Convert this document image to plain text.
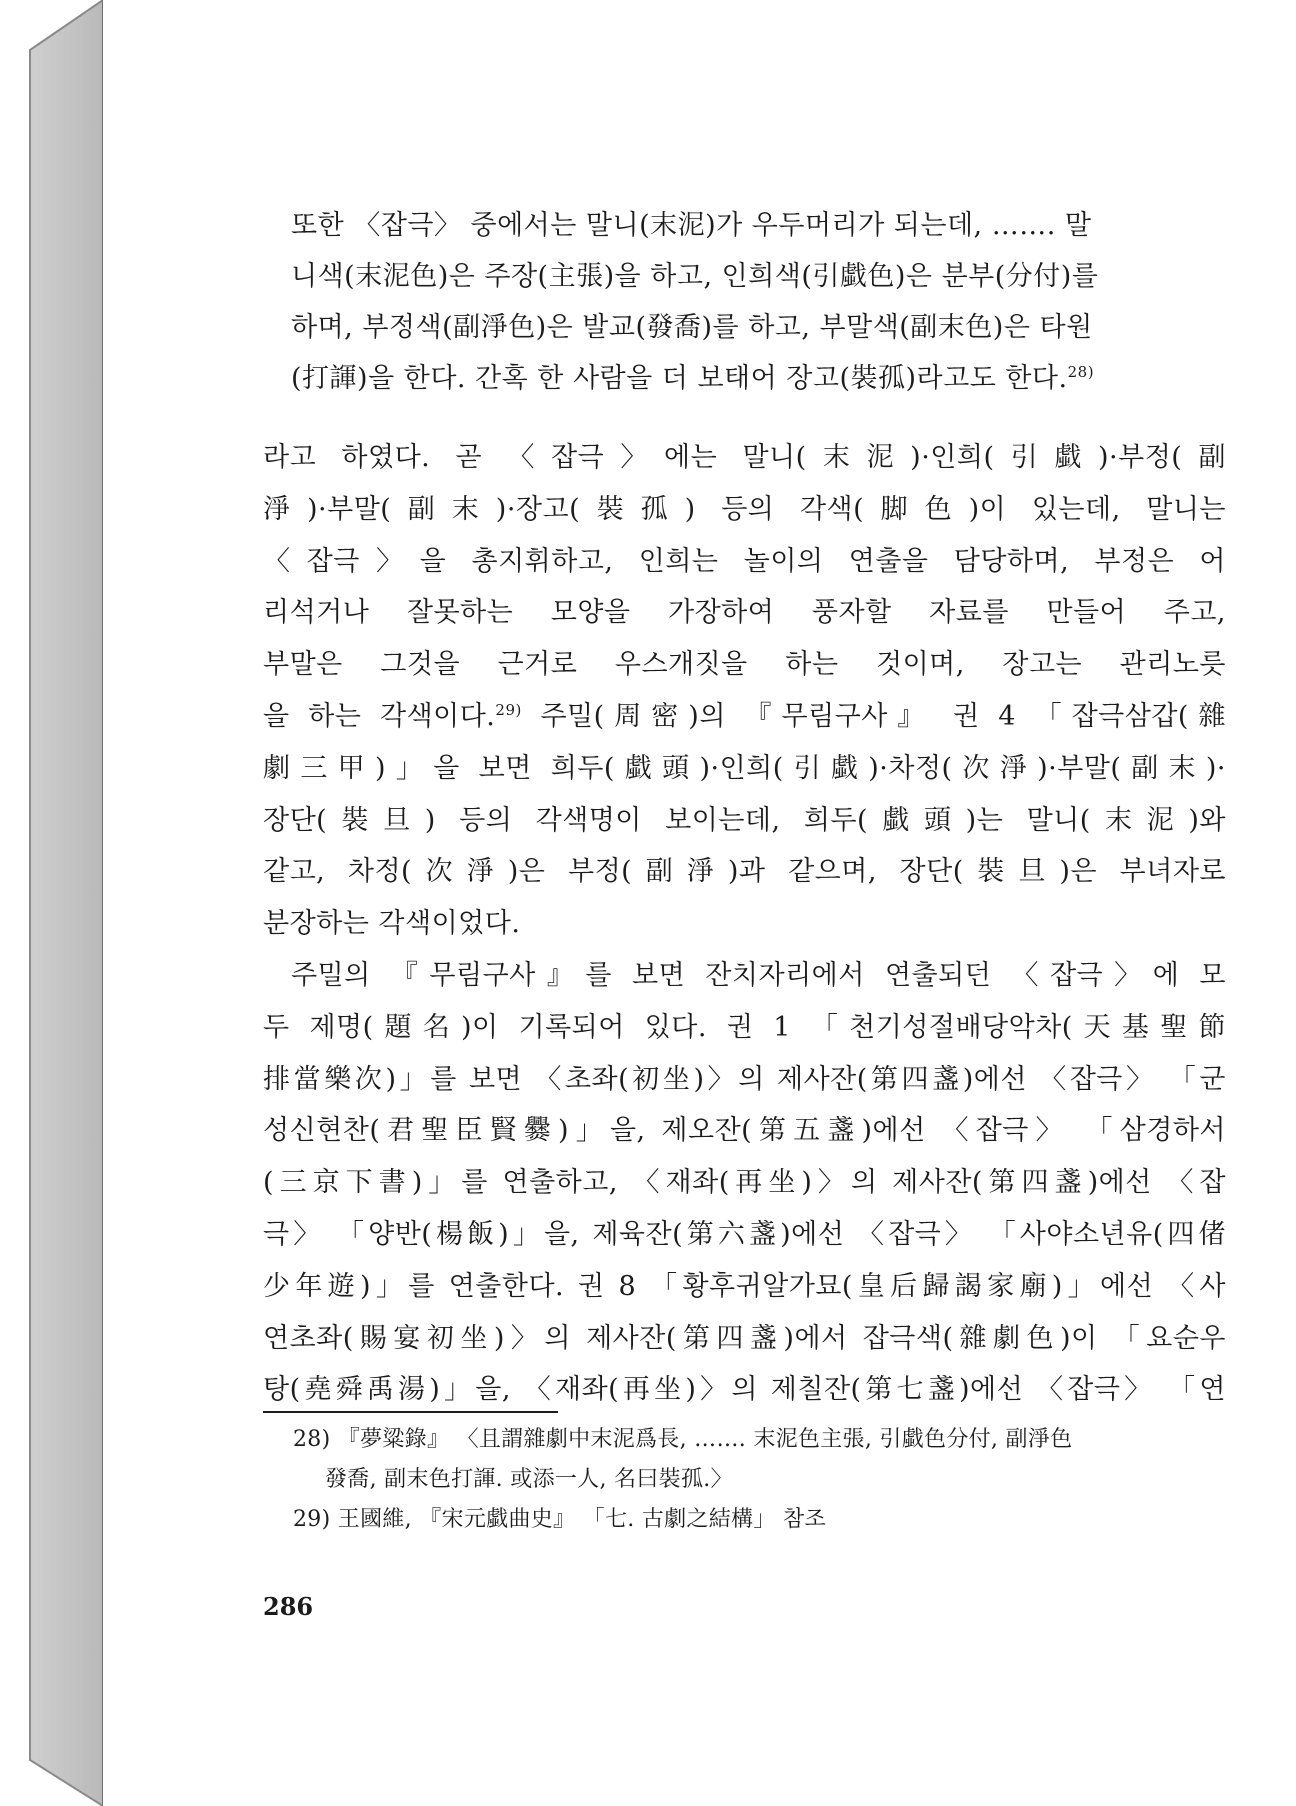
또한 〈잡극〉 중에서는 말니(末泥)가 우두머리가 되는데, ……. 말
니색(末泥色)은 주장(主張)을 하고, 인희색(引戱色)은 분부(分付)를
하며, 부정색(副淨色)은 발교(發喬)를 하고, 부말색(副末色)은 타원
(打諢)을 한다. 간혹 한 사람을 더 보태어 장고(裝孤)라고도 한다.$^{28)}$

라고 하였다. 곧 〈잡극〉에는 말니(末泥)·인희(引戱)·부정(副
淨)·부말(副末)·장고(裝孤) 등의 각색(脚色)이 있는데, 말니는
〈잡극〉을 총지휘하고, 인희는 놀이의 연출을 담당하며, 부정은 어
리석거나 잘못하는 모양을 가장하여 풍자할 자료를 만들어 주고,
부말은 그것을 근거로 우스개짓을 하는 것이며, 장고는 관리노릇
을 하는 각색이다.$^{29)}$ 주밀(周密)의 『무림구사』 권 4 「잡극삼갑(雜
劇三甲)」을 보면 희두(戱頭)·인희(引戱)·차정(次淨)·부말(副末)·
장단(裝旦) 등의 각색명이 보이는데, 희두(戱頭)는 말니(末泥)와
같고, 차정(次淨)은 부정(副淨)과 같으며, 장단(裝旦)은 부녀자로
분장하는 각색이었다.
주밀의 『무림구사』를 보면 잔치자리에서 연출되던 〈잡극〉에 모
두 제명(題名)이 기록되어 있다. 권 1 「천기성절배당악차(天基聖節
排當樂次)」를 보면 〈초좌(初坐)〉의 제사잔(第四盞)에선 〈잡극〉 「군
성신현찬(君聖臣賢爨)」을, 제오잔(第五盞)에선 〈잡극〉 「삼경하서
(三京下書)」를 연출하고, 〈재좌(再坐)〉의 제사잔(第四盞)에선 〈잡
극〉 「양반(楊飯)」을, 제육잔(第六盞)에선 〈잡극〉 「사야소년유(四偖
少年遊)」를 연출한다. 권 8 「황후귀알가묘(皇后歸謁家廟)」에선 〈사
연초좌(賜宴初坐)〉의 제사잔(第四盞)에서 잡극색(雜劇色)이 「요순우
탕(堯舜禹湯)」을, 〈재좌(再坐)〉의 제칠잔(第七盞)에선 〈잡극〉 「연
28) 『夢粱錄』 〈且謂雜劇中末泥爲長, ……. 末泥色主張, 引戱色分付, 副淨色
發喬, 副末色打諢. 或添一人, 名曰裝孤.〉
29) 王國維, 『宋元戱曲史』 「七. 古劇之結構」 참조
286
